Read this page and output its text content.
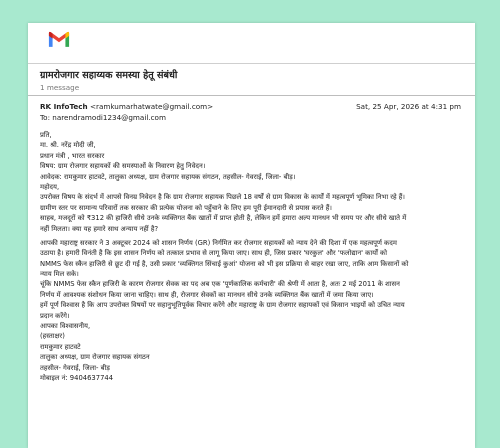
ग्रामरोजगार सहाय्यक समस्या हेतू संबंधी
1 message
RK InfoTech <ramkumarhatwate@gmail.com>	Sat, 25 Apr, 2026 at 4:31 pm
To: narendramodi1234@gmail.com
प्रति,
मा. श्री. नरेंद्र मोदी जी,
प्रधान मंत्री , भारत सरकार
विषय: ग्राम रोजगार सहायकों की समस्याओं के निवारण हेतु निवेदन।
आवेदक: रामकुमार हाटवटे, तालुका अध्यक्ष, ग्राम रोजगार सहायक संगठन, तहसील- गेवराई, जिला- बीड़।
महोदय,
उपरोक्त विषय के संदर्भ में आपसे विनम्र निवेदन है कि ग्राम रोजगार सहायक पिछले 18 वर्षों से ग्राम विकास के कार्यों में महत्वपूर्ण भूमिका निभा रहे हैं।
ग्रामीण स्तर पर सामान्य परिवारों तक सरकार की प्रत्येक योजना को पहुँचाने के लिए हम पूरी ईमानदारी से प्रयास करते हैं।
साहब, मजदूरों को ₹312 की हाजिरी सीधे उनके व्यक्तिगत बैंक खातों में प्राप्त होती है, लेकिन हमें हमारा अल्प मानधन भी समय पर और सीधे खाते में
नहीं मिलता। क्या यह हमारे साथ अन्याय नहीं है?
आपकी महाराष्ट्र सरकार ने 3 अक्टूबर 2024 को शासन निर्णय (GR) निर्गमित कर रोजगार सहायकों को न्याय देने की दिशा में एक महत्वपूर्ण कदम
उठाया है। हमारी विनंती है कि इस शासन निर्णय को तत्काल प्रभाव से लागू किया जाए। साथ ही, जिस प्रकार 'घरकुल' और 'फलोद्यान' कार्यों को
NMMS फेस स्कैन हाजिरी से छूट दी गई है, उसी प्रकार 'व्यक्तिगत सिंचाई कुआं' योजना को भी इस प्रक्रिया से बाहर रखा जाए, ताकि आम किसानों को
न्याय मिल सके।
चूंकि NMMS फेस स्कैन हाजिरी के कारण रोजगार सेवक का पद अब एक 'पूर्णकालिक कर्मचारी' की श्रेणी में आता है, अतः 2 मई 2011 के शासन
निर्णय में आवश्यक संशोधन किया जाना चाहिए। साथ ही, रोजगार सेवकों का मानधन सीधे उनके व्यक्तिगत बैंक खातों में जमा किया जाए।
हमें पूर्ण विश्वास है कि आप उपरोक्त विषयों पर सहानुभूतिपूर्वक विचार करेंगे और महाराष्ट्र के ग्राम रोजगार सहायकों एवं किसान भाइयों को उचित न्याय
प्रदान करेंगे।
आपका विश्वासनीय,
(हस्ताक्षर)
रामकुमार हाटवटे
तालुका अध्यक्ष, ग्राम रोजगार सहायक संगठन
तहसील- गेवराई, जिला- बीड़
मोबाइल नं: 9404637744
